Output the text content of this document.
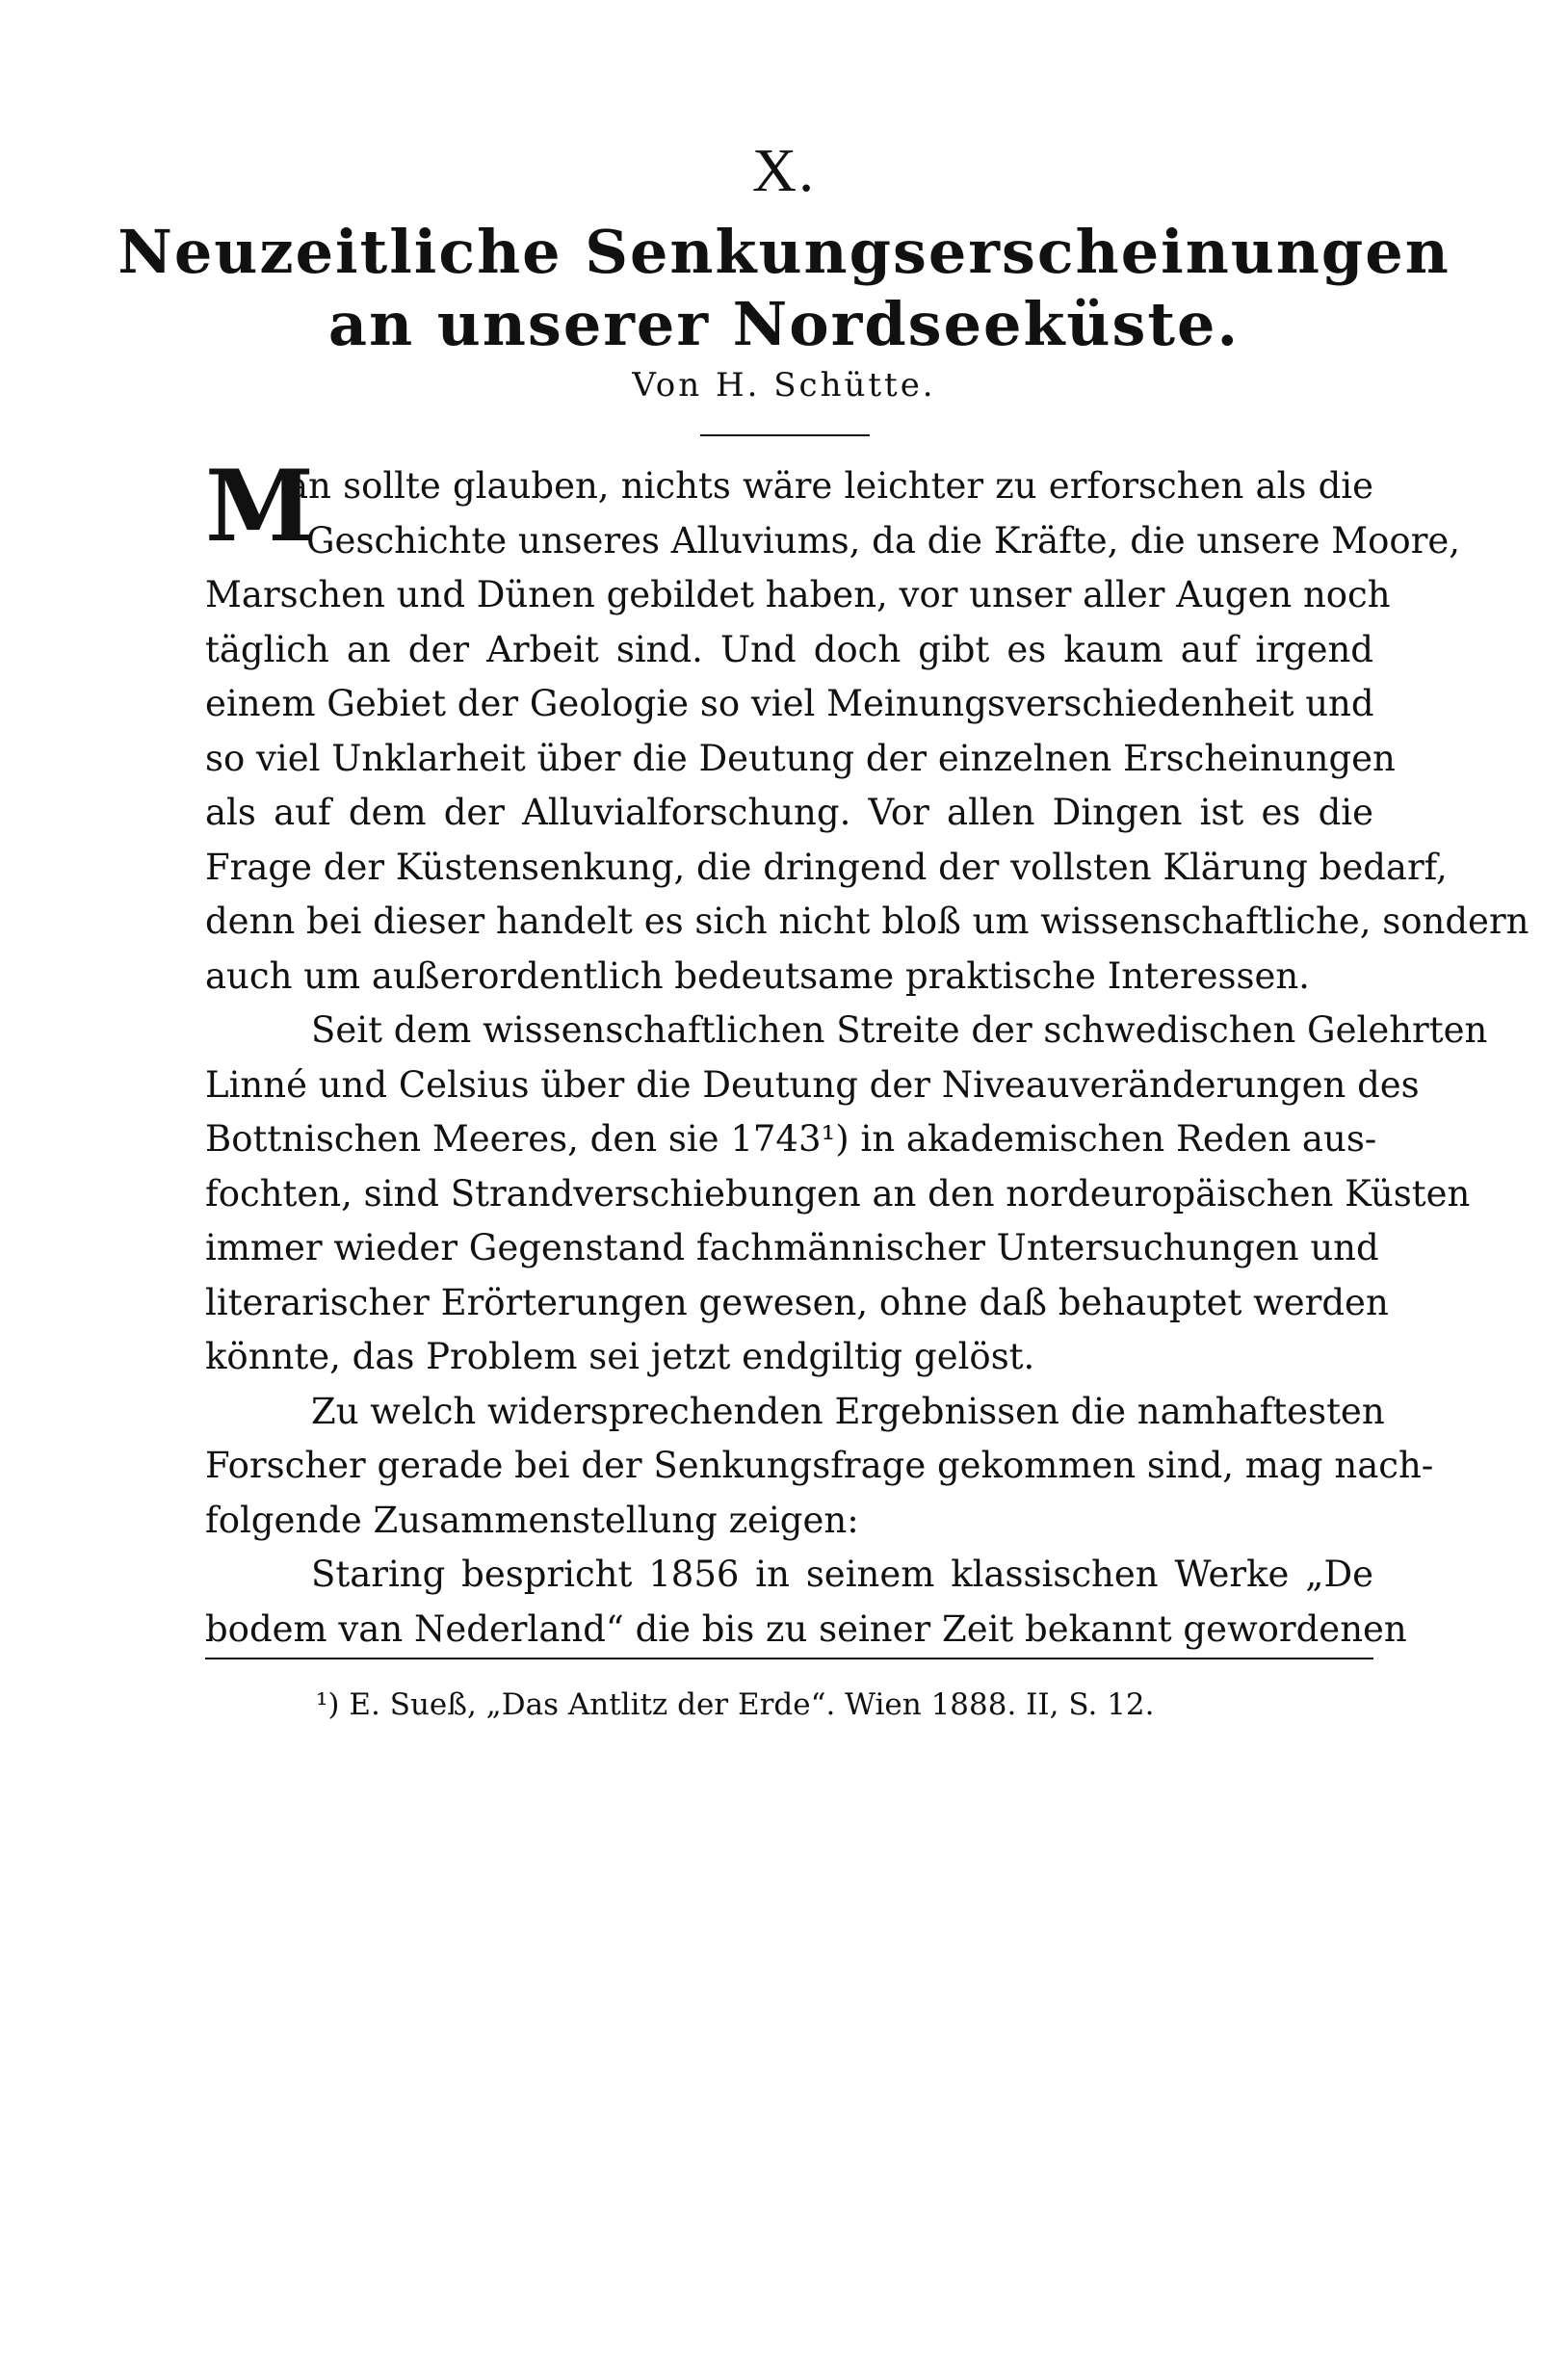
X.
Neuzeitliche Senkungserscheinungen
an unserer Nordseeküste.
Von H. Schütte.
M
an sollte glauben, nichts wäre leichter zu erforschen als die
Geschichte unseres Alluviums, da die Kräfte, die unsere Moore,
Marschen und Dünen gebildet haben, vor unser aller Augen noch
täglich an der Arbeit sind. Und doch gibt es kaum auf irgend
einem Gebiet der Geologie so viel Meinungsverschiedenheit und
so viel Unklarheit über die Deutung der einzelnen Erscheinungen
als auf dem der Alluvialforschung. Vor allen Dingen ist es die
Frage der Küstensenkung, die dringend der vollsten Klärung bedarf,
denn bei dieser handelt es sich nicht bloß um wissenschaftliche, sondern
auch um außerordentlich bedeutsame praktische Interessen.
Seit dem wissenschaftlichen Streite der schwedischen Gelehrten
Linné und Celsius über die Deutung der Niveauveränderungen des
Bottnischen Meeres, den sie 1743¹) in akademischen Reden aus-
fochten, sind Strandverschiebungen an den nordeuropäischen Küsten
immer wieder Gegenstand fachmännischer Untersuchungen und
literarischer Erörterungen gewesen, ohne daß behauptet werden
könnte, das Problem sei jetzt endgiltig gelöst.
Zu welch widersprechenden Ergebnissen die namhaftesten
Forscher gerade bei der Senkungsfrage gekommen sind, mag nach-
folgende Zusammenstellung zeigen:
¹) E. Sueß, „Das Antlitz der Erde“. Wien 1888. II, S. 12.
Staring bespricht 1856 in seinem klassischen Werke „De
bodem van Nederland“ die bis zu seiner Zeit bekannt gewordenen
